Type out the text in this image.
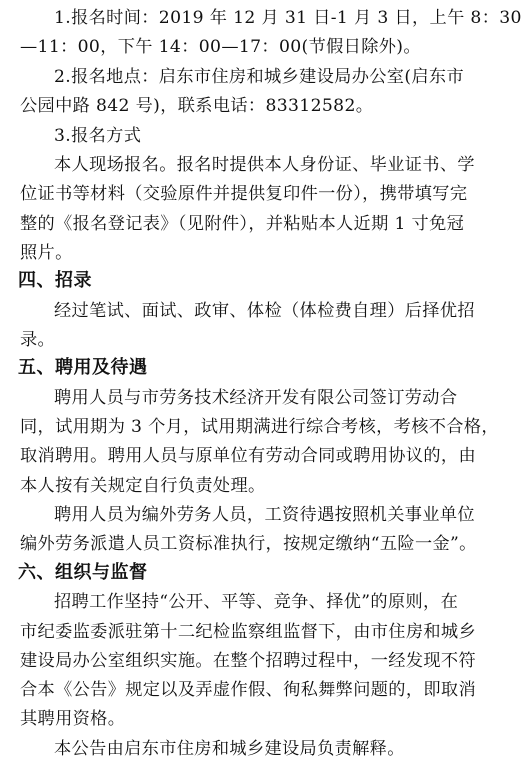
1.报名时间：2019 年 12 月 31 日-1 月 3 日，上午 8：30
—11：00，下午 14：00—17：00(节假日除外)。
2.报名地点：启东市住房和城乡建设局办公室(启东市
公园中路 842 号)，联系电话：83312582。
3.报名方式
本人现场报名。报名时提供本人身份证、毕业证书、学
位证书等材料（交验原件并提供复印件一份），携带填写完
整的《报名登记表》（见附件），并粘贴本人近期 1 寸免冠
照片。
四、招录
经过笔试、面试、政审、体检（体检费自理）后择优招
录。
五、聘用及待遇
聘用人员与市劳务技术经济开发有限公司签订劳动合
同，试用期为 3 个月，试用期满进行综合考核，考核不合格，
取消聘用。聘用人员与原单位有劳动合同或聘用协议的，由
本人按有关规定自行负责处理。
聘用人员为编外劳务人员，工资待遇按照机关事业单位
编外劳务派遣人员工资标准执行，按规定缴纳“五险一金”。
六、组织与监督
招聘工作坚持“公开、平等、竞争、择优”的原则，在
市纪委监委派驻第十二纪检监察组监督下，由市住房和城乡
建设局办公室组织实施。在整个招聘过程中，一经发现不符
合本《公告》规定以及弄虚作假、徇私舞弊问题的，即取消
其聘用资格。
本公告由启东市住房和城乡建设局负责解释。
